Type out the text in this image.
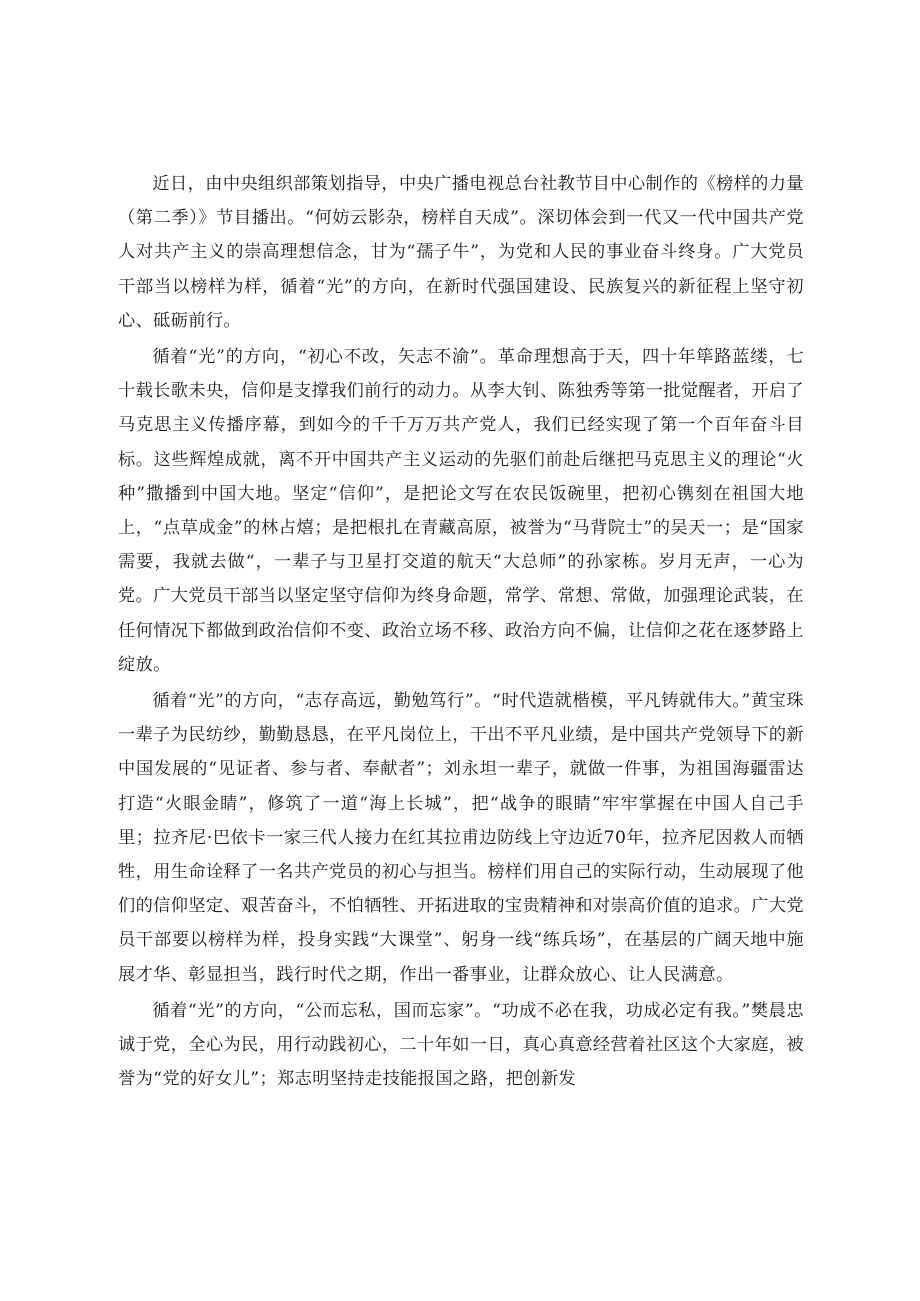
近日，由中央组织部策划指导，中央广播电视总台社教节目中心制作的《榜样的力量（第二季）》节目播出。“何妨云影杂，榜样自天成”。深切体会到一代又一代中国共产党人对共产主义的崇高理想信念，甘为“孺子牛”，为党和人民的事业奋斗终身。广大党员干部当以榜样为样，循着“光”的方向，在新时代强国建设、民族复兴的新征程上坚守初心、砥砺前行。

循着“光”的方向，“初心不改，矢志不渝”。革命理想高于天，四十年筚路蓝缕，七十载长歌未央，信仰是支撑我们前行的动力。从李大钊、陈独秀等第一批觉醒者，开启了马克思主义传播序幕，到如今的千千万万共产党人，我们已经实现了第一个百年奋斗目标。这些辉煌成就，离不开中国共产主义运动的先驱们前赴后继把马克思主义的理论“火种”撒播到中国大地。坚定“信仰”，是把论文写在农民饭碗里，把初心镌刻在祖国大地上，“点草成金”的林占熺；是把根扎在青藏高原，被誉为“马背院士”的吴天一；是“国家需要，我就去做“，一辈子与卫星打交道的航天“大总师”的孙家栋。岁月无声，一心为党。广大党员干部当以坚定坚守信仰为终身命题，常学、常想、常做，加强理论武装，在任何情况下都做到政治信仰不变、政治立场不移、政治方向不偏，让信仰之花在逐梦路上绽放。

循着“光”的方向，“志存高远，勤勉笃行”。“时代造就楷模，平凡铸就伟大。”黄宝珠一辈子为民纺纱，勤勤恳恳，在平凡岗位上，干出不平凡业绩，是中国共产党领导下的新中国发展的“见证者、参与者、奉献者”；刘永坦一辈子，就做一件事，为祖国海疆雷达打造“火眼金睛”，修筑了一道“海上长城”，把“战争的眼睛”牢牢掌握在中国人自己手里；拉齐尼·巴依卡一家三代人接力在红其拉甫边防线上守边近70年，拉齐尼因救人而牺牲，用生命诠释了一名共产党员的初心与担当。榜样们用自己的实际行动，生动展现了他们的信仰坚定、艰苦奋斗，不怕牺牲、开拓进取的宝贵精神和对崇高价值的追求。广大党员干部要以榜样为样，投身实践“大课堂”、躬身一线“练兵场”，在基层的广阔天地中施展才华、彰显担当，践行时代之期，作出一番事业，让群众放心、让人民满意。

循着“光”的方向，“公而忘私，国而忘家”。“功成不必在我，功成必定有我。”樊晨忠诚于党，全心为民，用行动践初心，二十年如一日，真心真意经营着社区这个大家庭，被誉为“党的好女儿”；郑志明坚持走技能报国之路，把创新发
